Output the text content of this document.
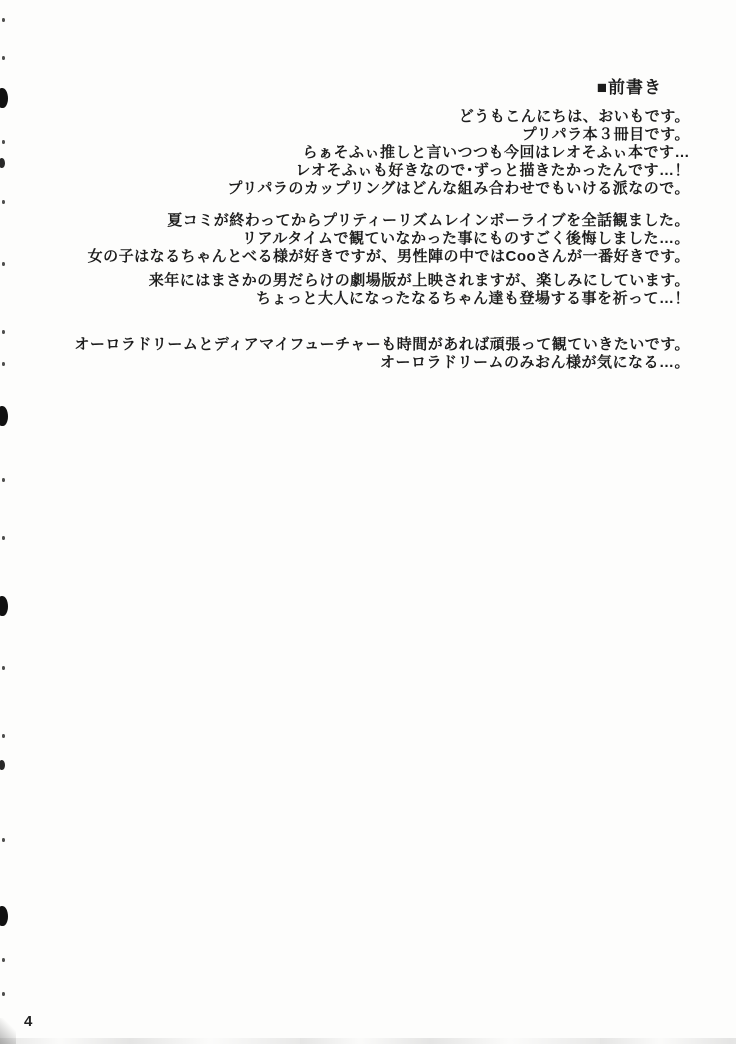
■前書き
どうもこんにちは、おいもです。
プリパラ本３冊目です。
らぁそふぃ推しと言いつつも今回はレオそふぃ本です…
レオそふぃも好きなので･ずっと描きたかったんです…！
プリパラのカップリングはどんな組み合わせでもいける派なので。
夏コミが終わってからプリティーリズムレインボーライブを全話観ました。
リアルタイムで観ていなかった事にものすごく後悔しました…。
女の子はなるちゃんとべる様が好きですが、男性陣の中ではCooさんが一番好きです。
来年にはまさかの男だらけの劇場版が上映されますが、楽しみにしています。
ちょっと大人になったなるちゃん達も登場する事を祈って…！
オーロラドリームとディアマイフューチャーも時間があれば頑張って観ていきたいです。
オーロラドリームのみおん様が気になる…。
4
